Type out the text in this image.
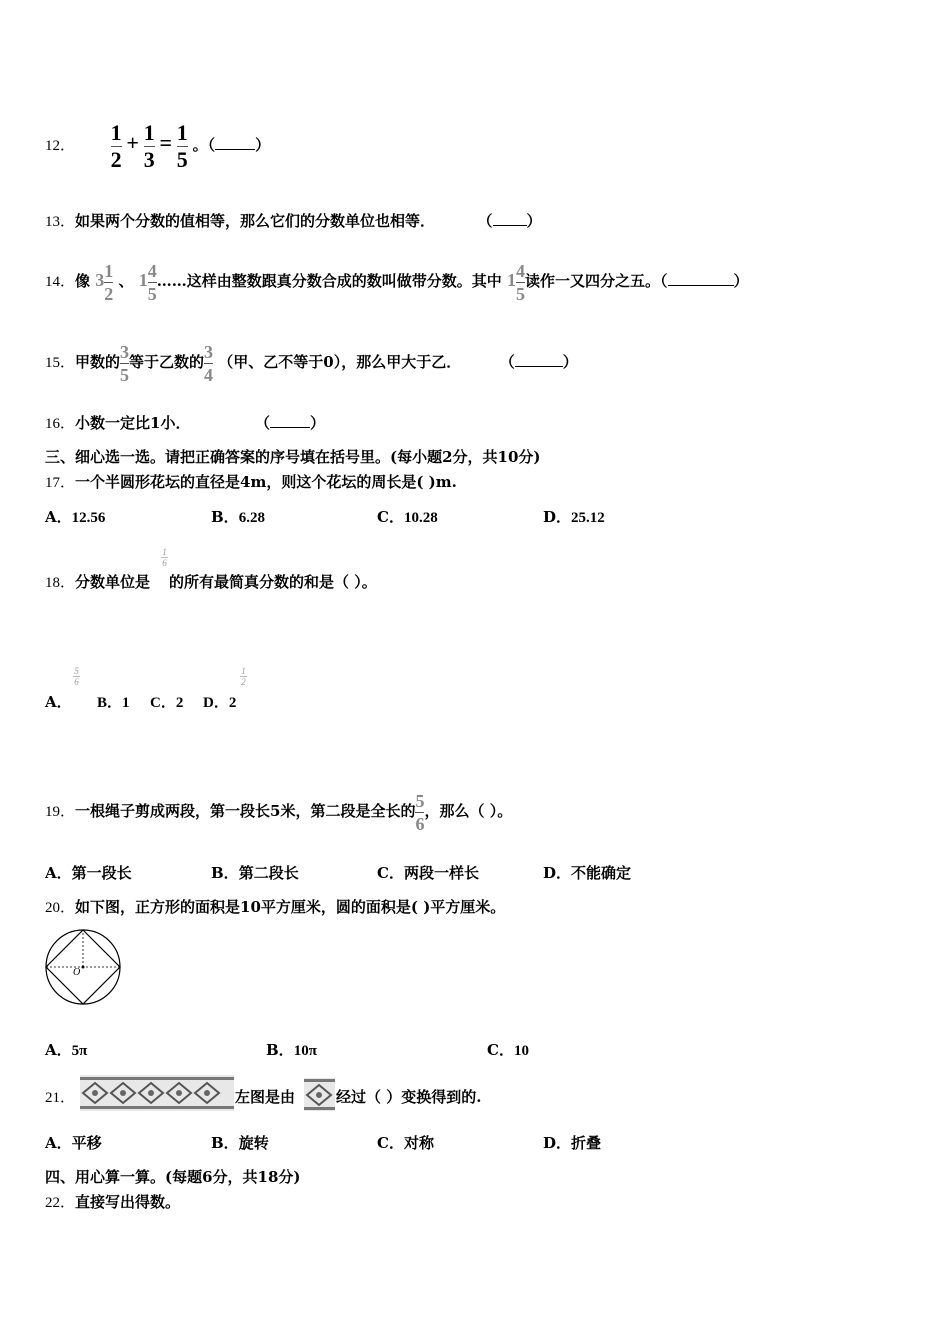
12． $\frac{1}{2} + \frac{1}{3} = \frac{1}{5}$ 。（	）
13．如果两个分数的值相等，那么它们的分数单位也相等．	（ ）
14．像 $3 \frac{1}{2}$ 、 $1 \frac{4}{5}$ ……这样由整数跟真分数合成的数叫做带分数。其中 $1 \frac{4}{5}$ 读作一又四分之五。（	）
15．甲数的 $\frac{3}{5}$ 等于乙数的 $\frac{3}{4}$ （甲、乙不等于0），那么甲大于乙．	（	）
16．小数一定比1小．	（	）
三、细心选一选。请把正确答案的序号填在括号里。(每小题2分，共10分)
17．一个半圆形花坛的直径是4m，则这个花坛的周长是( )m.
A．12.56	B．6.28	C．10.28	D．25.12
18．分数单位是
1
6
的所有最简真分数的和是（ ）。
A．
5
6
B．1 C．2 D．2
1
2
19．一根绳子剪成两段，第一段长5米，第二段是全长的 $\frac{5}{6}$ ，那么（ ）。
A．第一段长	B．第二段长	C．两段一样长	D．不能确定
20．如下图，正方形的面积是10平方厘米，圆的面积是( )平方厘米。
O
A．5π	B．10π	C．10
21．	左图是由	经过（ ）变换得到的.
A．平移	B．旋转	C．对称	D．折叠
四、用心算一算。(每题6分，共18分)
22．直接写出得数。
